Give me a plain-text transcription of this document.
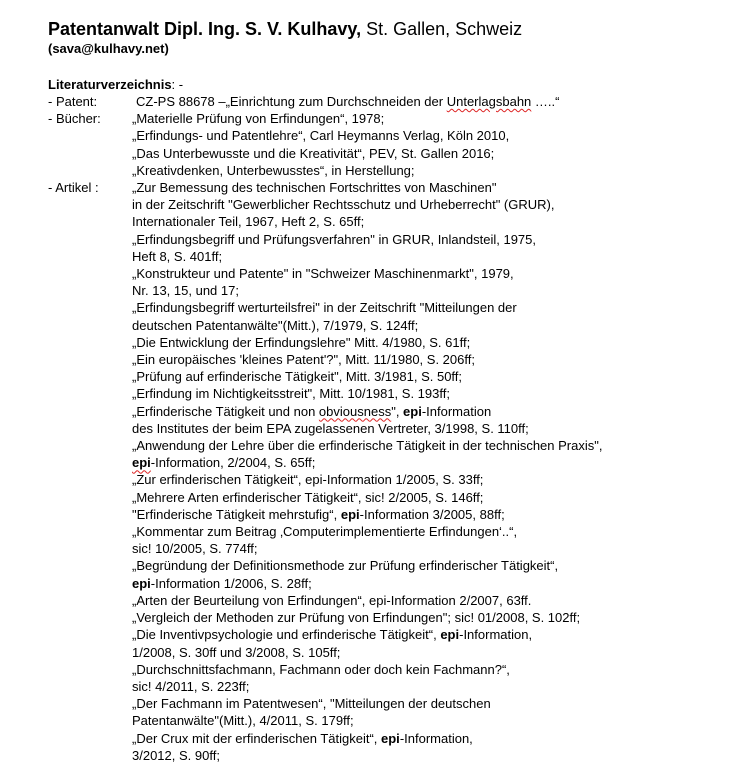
Patentanwalt Dipl. Ing. S. V. Kulhavy, St. Gallen, Schweiz
(sava@kulhavy.net)
Literaturverzeichnis: -
- Patent:	CZ-PS 88678 –„Einrichtung zum Durchschneiden der Unterlagsbahn …..“
- Bücher: „Materielle Prüfung von Erfindungen“, 1978;
„Erfindungs- und Patentlehre“, Carl Heymanns Verlag, Köln 2010,
„Das Unterbewusste und die Kreativität“, PEV, St. Gallen 2016;
„Kreativdenken, Unterbewusstes“, in Herstellung;
- Artikel :	„Zur Bemessung des technischen Fortschrittes von Maschinen"
in der Zeitschrift "Gewerblicher Rechtsschutz und Urheberrecht" (GRUR),
Internationaler Teil, 1967, Heft 2, S. 65ff;
„Erfindungsbegriff und Prüfungsverfahren" in GRUR, Inlandsteil, 1975,
Heft 8, S. 401ff;
„Konstrukteur und Patente" in "Schweizer Maschinenmarkt", 1979,
Nr. 13, 15, und 17;
„Erfindungsbegriff werturteilsfrei" in der Zeitschrift "Mitteilungen der
deutschen Patentanwälte"(Mitt.), 7/1979, S. 124ff;
„Die Entwicklung der Erfindungslehre" Mitt. 4/1980, S. 61ff;
„Ein europäisches 'kleines Patent'?", Mitt. 11/1980, S. 206ff;
„Prüfung auf erfinderische Tätigkeit", Mitt. 3/1981, S. 50ff;
„Erfindung im Nichtigkeitsstreit", Mitt. 10/1981, S. 193ff;
„Erfinderische Tätigkeit und non obviousness", epi-Information
des Institutes der beim EPA zugelassenen Vertreter, 3/1998, S. 110ff;
„Anwendung der Lehre über die erfinderische Tätigkeit in der technischen Praxis",
epi-Information, 2/2004, S. 65ff;
„Zur erfinderischen Tätigkeit“, epi-Information 1/2005, S. 33ff;
„Mehrere Arten erfinderischer Tätigkeit“, sic! 2/2005, S. 146ff;
"Erfinderische Tätigkeit mehrstufig“, epi-Information 3/2005, 88ff;
„Kommentar zum Beitrag ‚Computerimplementierte Erfindungen‘..“,
sic! 10/2005, S. 774ff;
„Begründung der Definitionsmethode zur Prüfung erfinderischer Tätigkeit“,
epi-Information 1/2006, S. 28ff;
„Arten der Beurteilung von Erfindungen“, epi-Information 2/2007, 63ff.
„Vergleich der Methoden zur Prüfung von Erfindungen"; sic! 01/2008, S. 102ff;
„Die Inventivpsychologie und erfinderische Tätigkeit“, epi-Information,
1/2008, S. 30ff und 3/2008, S. 105ff;
„Durchschnittsfachmann, Fachmann oder doch kein Fachmann?“,
sic! 4/2011, S. 223ff;
„Der Fachmann im Patentwesen“, "Mitteilungen der deutschen
Patentanwälte"(Mitt.), 4/2011, S. 179ff;
„Der Crux mit der erfinderischen Tätigkeit“, epi-Information,
3/2012, S. 90ff;
